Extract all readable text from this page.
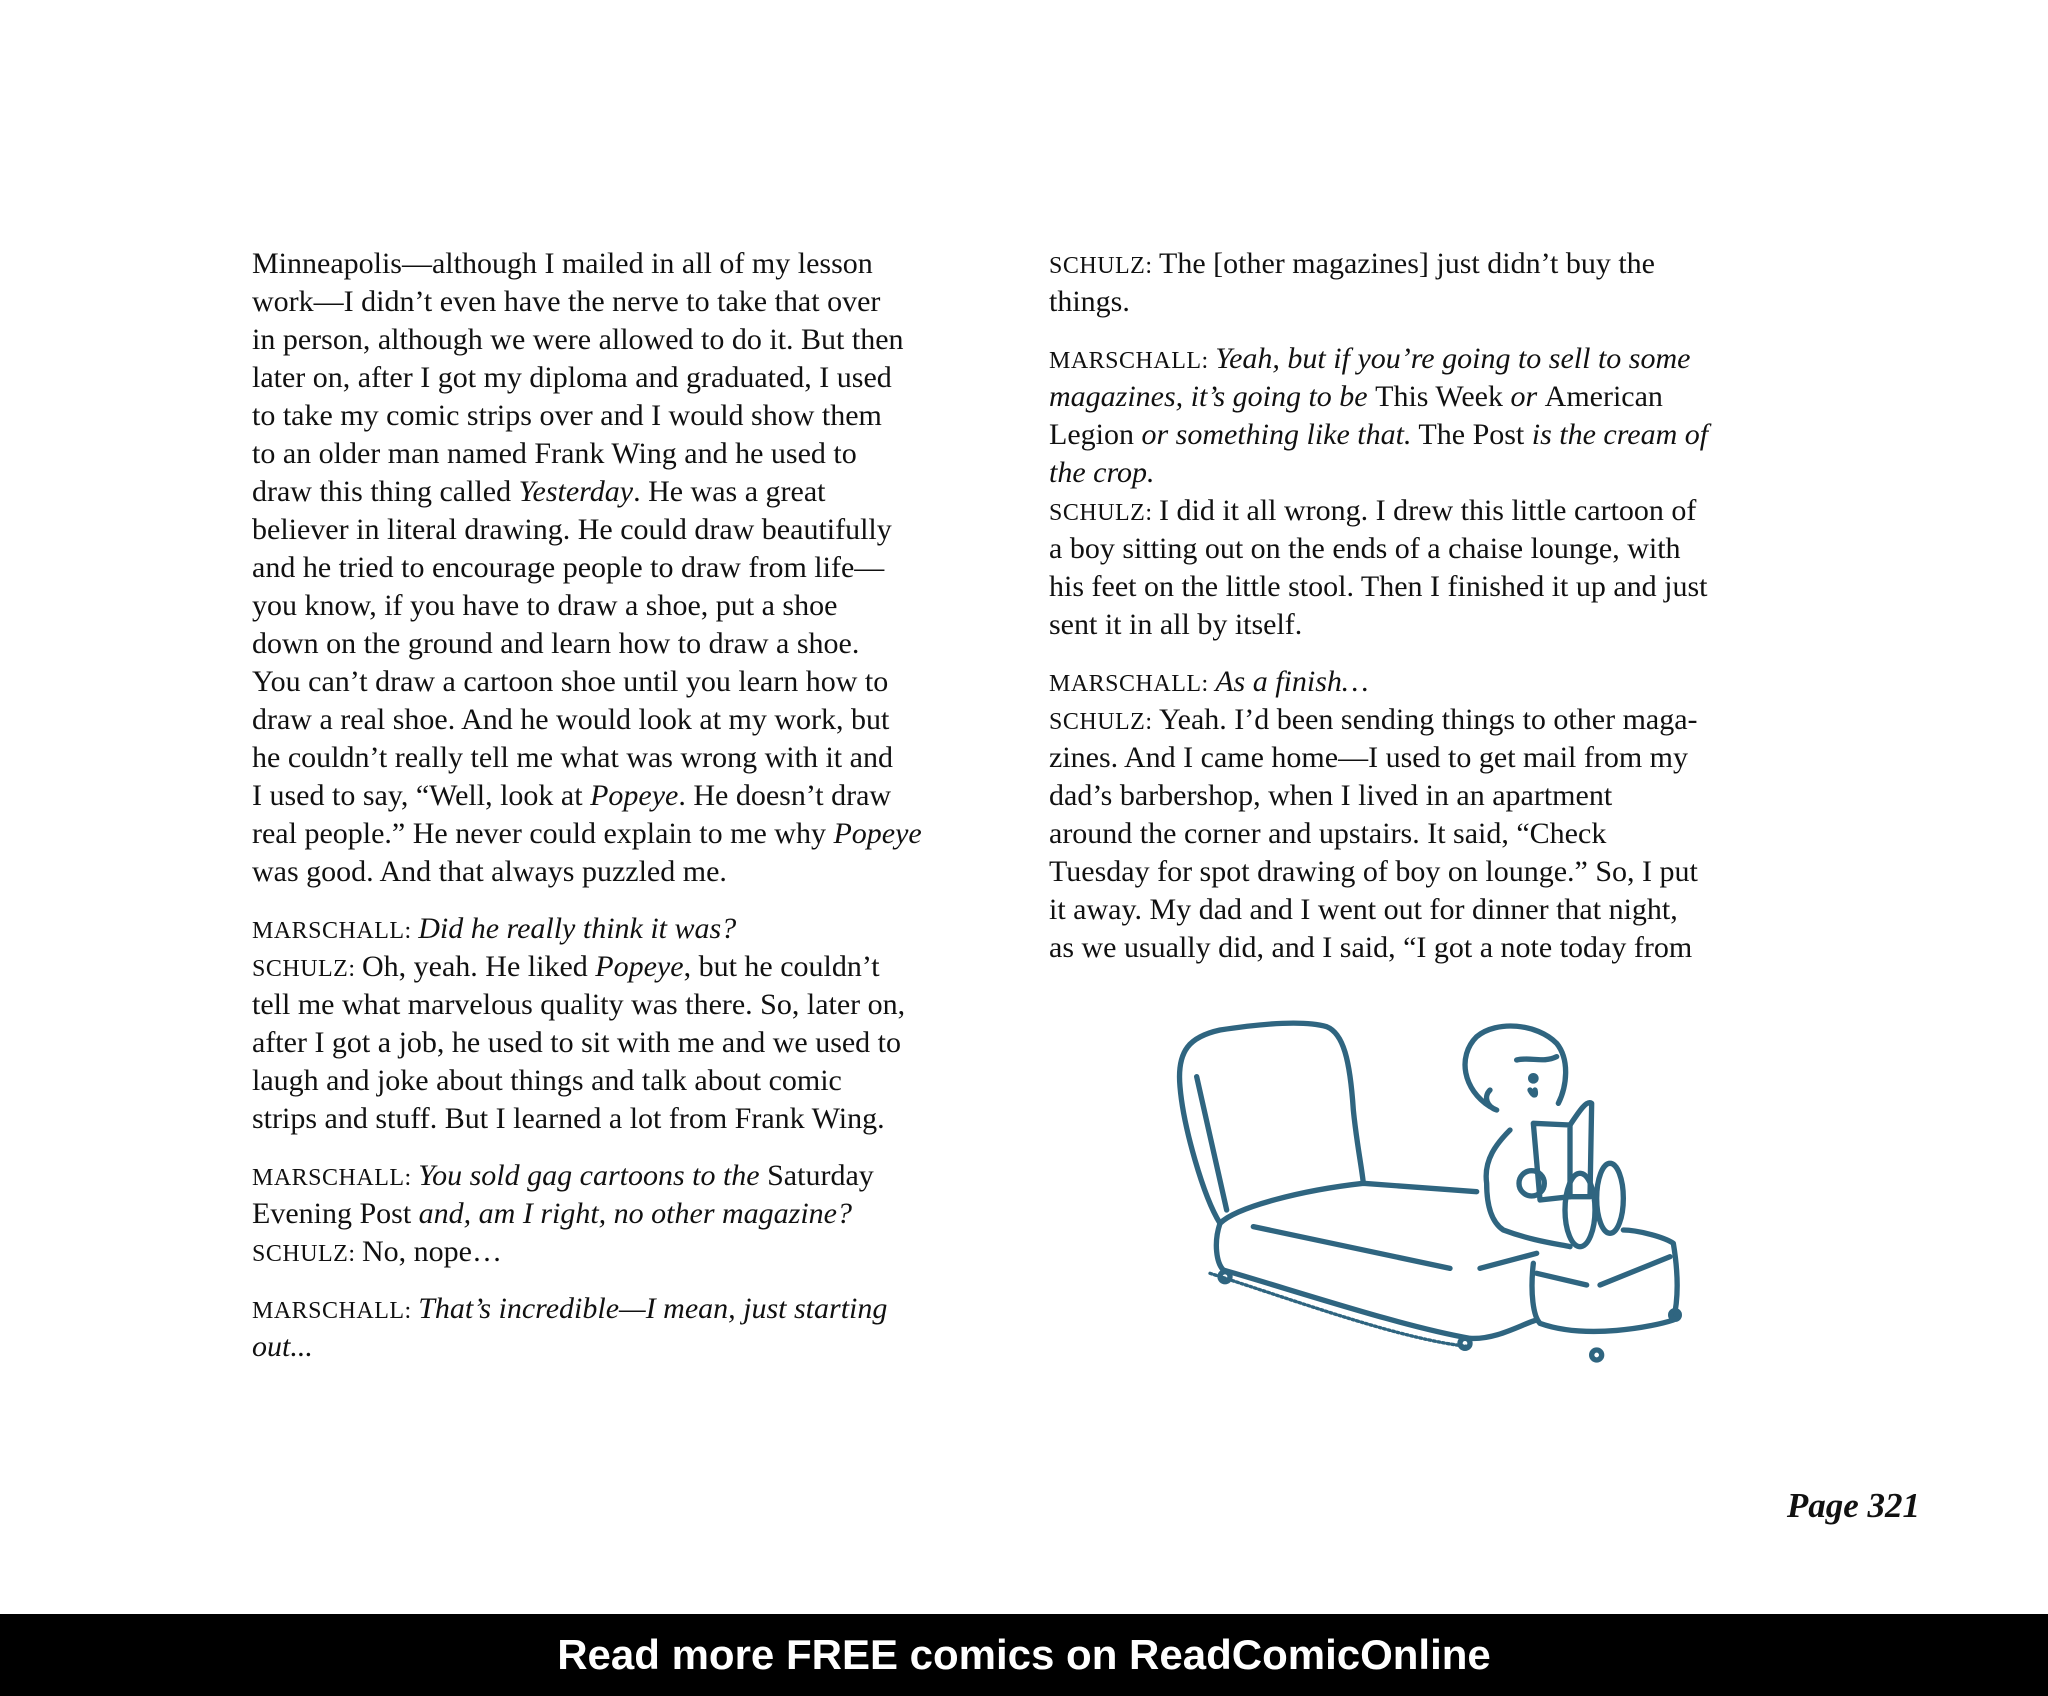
Minneapolis—although I mailed in all of my lesson
work—I didn’t even have the nerve to take that over
in person, although we were allowed to do it. But then
later on, after I got my diploma and graduated, I used
to take my comic strips over and I would show them
to an older man named Frank Wing and he used to
draw this thing called Yesterday. He was a great
believer in literal drawing. He could draw beautifully
and he tried to encourage people to draw from life—
you know, if you have to draw a shoe, put a shoe
down on the ground and learn how to draw a shoe.
You can’t draw a cartoon shoe until you learn how to
draw a real shoe. And he would look at my work, but
he couldn’t really tell me what was wrong with it and
I used to say, “Well, look at Popeye. He doesn’t draw
real people.” He never could explain to me why Popeye
was good. And that always puzzled me.
MARSCHALL: Did he really think it was?
SCHULZ: Oh, yeah. He liked Popeye, but he couldn’t
tell me what marvelous quality was there. So, later on,
after I got a job, he used to sit with me and we used to
laugh and joke about things and talk about comic
strips and stuff. But I learned a lot from Frank Wing.
MARSCHALL: You sold gag cartoons to the Saturday
Evening Post and, am I right, no other magazine?
SCHULZ: No, nope…
MARSCHALL: That’s incredible—I mean, just starting
out...
SCHULZ: The [other magazines] just didn’t buy the
things.
MARSCHALL: Yeah, but if you’re going to sell to some
magazines, it’s going to be This Week or American
Legion or something like that. The Post is the cream of
the crop.
SCHULZ: I did it all wrong. I drew this little cartoon of
a boy sitting out on the ends of a chaise lounge, with
his feet on the little stool. Then I finished it up and just
sent it in all by itself.
MARSCHALL: As a finish…
SCHULZ: Yeah. I’d been sending things to other maga-
zines. And I came home—I used to get mail from my
dad’s barbershop, when I lived in an apartment
around the corner and upstairs. It said, “Check
Tuesday for spot drawing of boy on lounge.” So, I put
it away. My dad and I went out for dinner that night,
as we usually did, and I said, “I got a note today from
Page 321
Read more FREE comics on ReadComicOnline
